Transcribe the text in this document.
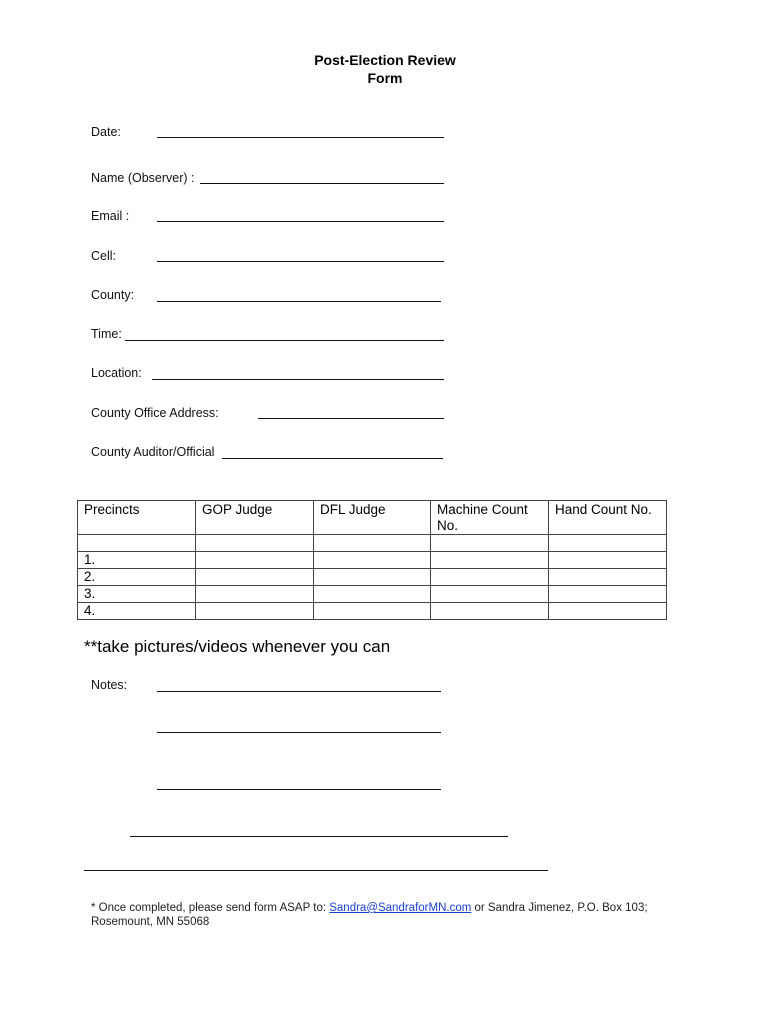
Post-Election Review
Form
Date:
Name (Observer) :
Email :
Cell:
County:
Time:
Location:
County Office Address:
County Auditor/Official
Precincts	GOP Judge	DFL Judge	Machine Count No.	Hand Count No.

1.				
2.				
3.				
4.				
**take pictures/videos whenever you can
Notes:
* Once completed, please send form ASAP to: Sandra@SandraforMN.com or Sandra Jimenez, P.O. Box 103; Rosemount, MN 55068
